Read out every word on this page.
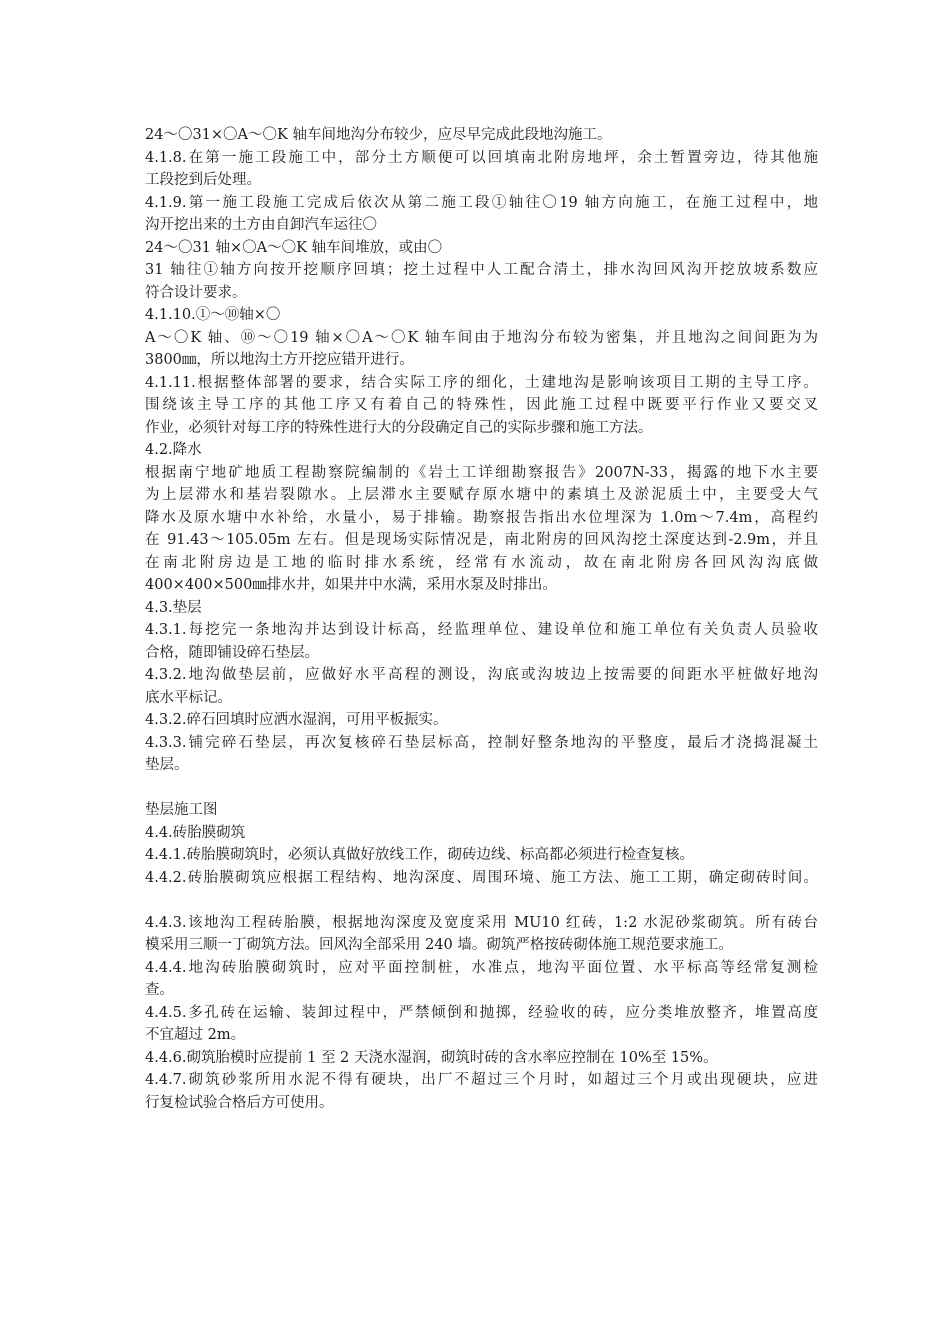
24～〇31×〇A～〇K 轴车间地沟分布较少，应尽早完成此段地沟施工。
4.1.8.在第一施工段施工中，部分土方顺便可以回填南北附房地坪，余土暂置旁边，待其他施
工段挖到后处理。
4.1.9.第一施工段施工完成后依次从第二施工段①轴往〇19 轴方向施工，在施工过程中，地
沟开挖出来的土方由自卸汽车运往〇
24～〇31 轴×〇A～〇K 轴车间堆放，或由〇
31 轴往①轴方向按开挖顺序回填；挖土过程中人工配合清土，排水沟回风沟开挖放坡系数应
符合设计要求。
4.1.10.①～⑩轴×〇
A～〇K 轴、⑩～〇19 轴×〇A～〇K 轴车间由于地沟分布较为密集，并且地沟之间间距为为
3800㎜，所以地沟土方开挖应错开进行。
4.1.11.根据整体部署的要求，结合实际工序的细化，土建地沟是影响该项目工期的主导工序。
围绕该主导工序的其他工序又有着自己的特殊性，因此施工过程中既要平行作业又要交叉
作业，必须针对每工序的特殊性进行大的分段确定自己的实际步骤和施工方法。
4.2.降水
根据南宁地矿地质工程勘察院编制的《岩土工详细勘察报告》2007N-33，揭露的地下水主要
为上层滞水和基岩裂隙水。上层滞水主要赋存原水塘中的素填土及淤泥质土中，主要受大气
降水及原水塘中水补给，水量小，易于排输。勘察报告指出水位埋深为 1.0m～7.4m，高程约
在 91.43～105.05m 左右。但是现场实际情况是，南北附房的回风沟挖土深度达到-2.9m，并且
在南北附房边是工地的临时排水系统，经常有水流动，故在南北附房各回风沟沟底做
400×400×500㎜排水井，如果井中水满，采用水泵及时排出。
4.3.垫层
4.3.1.每挖完一条地沟并达到设计标高，经监理单位、建设单位和施工单位有关负责人员验收
合格，随即铺设碎石垫层。
4.3.2.地沟做垫层前，应做好水平高程的测设，沟底或沟坡边上按需要的间距水平桩做好地沟
底水平标记。
4.3.2.碎石回填时应洒水湿润，可用平板振实。
4.3.3.铺完碎石垫层，再次复核碎石垫层标高，控制好整条地沟的平整度，最后才浇捣混凝土
垫层。
垫层施工图
4.4.砖胎膜砌筑
4.4.1.砖胎膜砌筑时，必须认真做好放线工作，砌砖边线、标高都必须进行检查复核。
4.4.2.砖胎膜砌筑应根据工程结构、地沟深度、周围环境、施工方法、施工工期，确定砌砖时间。
4.4.3.该地沟工程砖胎膜，根据地沟深度及宽度采用 MU10 红砖，1:2 水泥砂浆砌筑。所有砖台
模采用三顺一丁砌筑方法。回风沟全部采用 240 墙。砌筑严格按砖砌体施工规范要求施工。
4.4.4.地沟砖胎膜砌筑时，应对平面控制桩，水准点，地沟平面位置、水平标高等经常复测检
查。
4.4.5.多孔砖在运输、装卸过程中，严禁倾倒和抛掷，经验收的砖，应分类堆放整齐，堆置高度
不宜超过 2m。
4.4.6.砌筑胎模时应提前 1 至 2 天浇水湿润，砌筑时砖的含水率应控制在 10%至 15%。
4.4.7.砌筑砂浆所用水泥不得有硬块，出厂不超过三个月时，如超过三个月或出现硬块，应进
行复检试验合格后方可使用。
